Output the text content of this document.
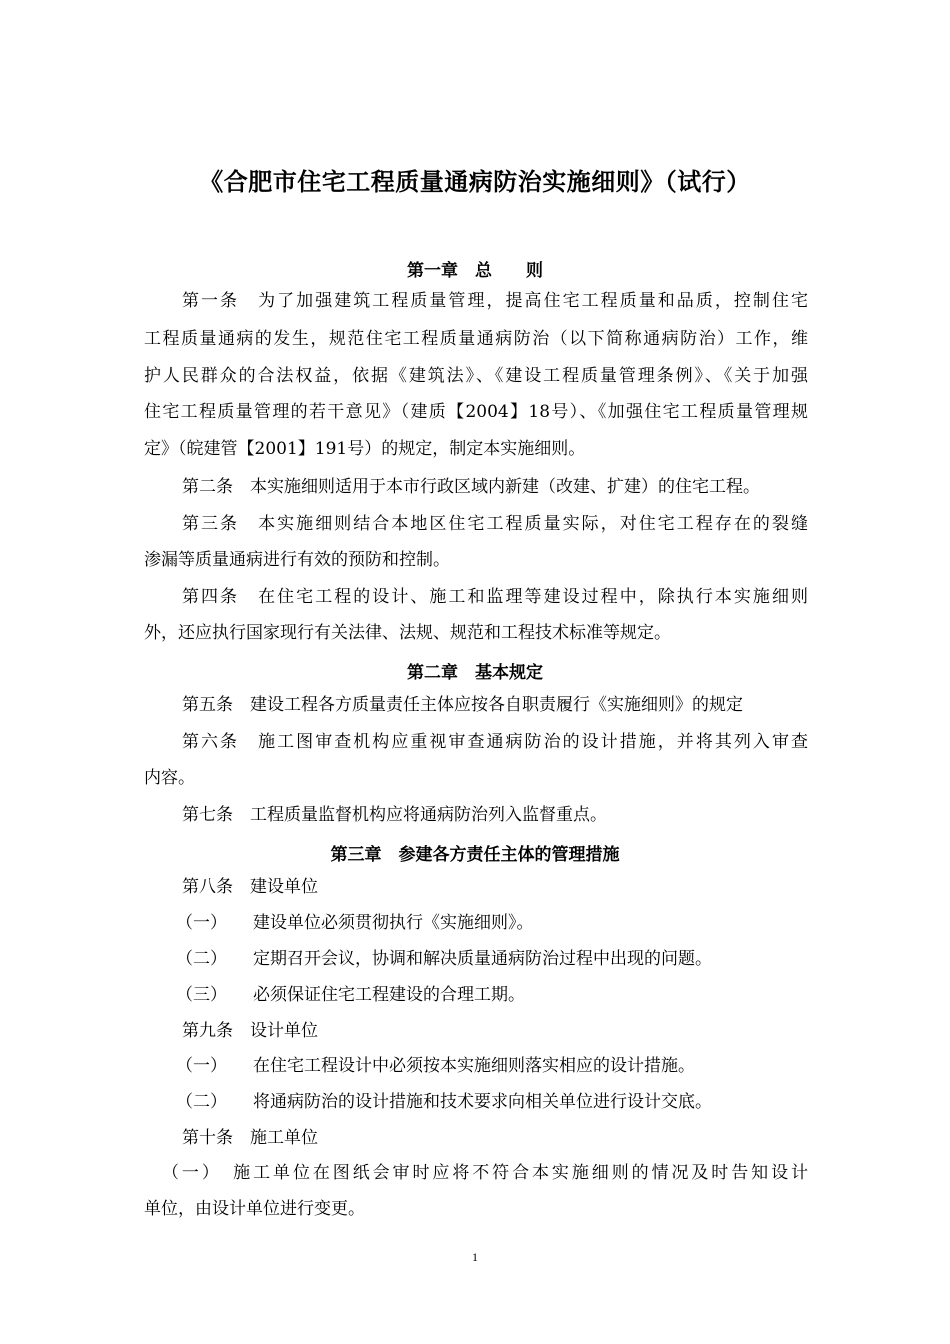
《合肥市住宅工程质量通病防治实施细则》（试行）
第一章　总　　则
第一条　为了加强建筑工程质量管理，提高住宅工程质量和品质，控制住宅
工程质量通病的发生，规范住宅工程质量通病防治（以下简称通病防治）工作，维
护人民群众的合法权益，依据《建筑法》、《建设工程质量管理条例》、《关于加强
住宅工程质量管理的若干意见》（建质【2004】18号）、《加强住宅工程质量管理规
定》（皖建管【2001】191号）的规定，制定本实施细则。
第二条　本实施细则适用于本市行政区域内新建（改建、扩建）的住宅工程。
第三条　本实施细则结合本地区住宅工程质量实际，对住宅工程存在的裂缝
渗漏等质量通病进行有效的预防和控制。
第四条　在住宅工程的设计、施工和监理等建设过程中，除执行本实施细则
外，还应执行国家现行有关法律、法规、规范和工程技术标准等规定。
第二章　基本规定
第五条　建设工程各方质量责任主体应按各自职责履行《实施细则》的规定
第六条　施工图审查机构应重视审查通病防治的设计措施，并将其列入审查
内容。
第七条　工程质量监督机构应将通病防治列入监督重点。
第三章　参建各方责任主体的管理措施
第八条　建设单位
（一） 建设单位必须贯彻执行《实施细则》。
（二） 定期召开会议，协调和解决质量通病防治过程中出现的问题。
（三） 必须保证住宅工程建设的合理工期。
第九条　设计单位
（一） 在住宅工程设计中必须按本实施细则落实相应的设计措施。
（二） 将通病防治的设计措施和技术要求向相关单位进行设计交底。
第十条　施工单位
（一）　施工单位在图纸会审时应将不符合本实施细则的情况及时告知设计
单位，由设计单位进行变更。
1
